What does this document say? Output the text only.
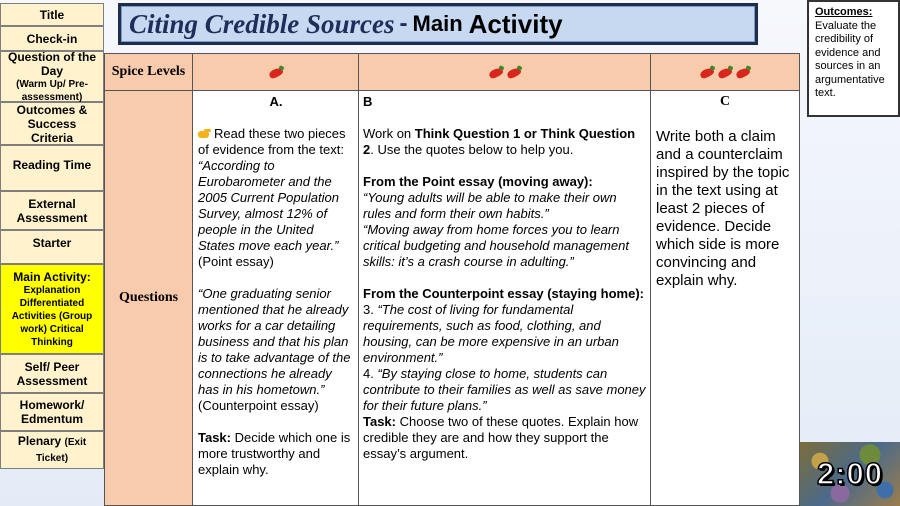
Title
Check-in
Question of the Day
(Warm Up/ Pre-assessment)
Outcomes & Success Criteria
Reading Time
External Assessment
Starter
Main Activity:
Explanation Differentiated Activities (Group work) Critical Thinking
Self/ Peer Assessment
Homework/ Edmentum
Plenary (Exit Ticket)
Citing Credible Sources - Main Activity	Outcomes:
Evaluate the credibility of evidence and sources in an argumentative text.
Spice Levels
Questions

A.

Read these two pieces of evidence from the text:

“According to Eurobarometer and the 2005 Current Population Survey, almost 12% of people in the United States move each year.”

(Point essay)

“One graduating senior mentioned that he already works for a car detailing business and that his plan is to take advantage of the connections he already has in his hometown.”

(Counterpoint essay)

Task: Decide which one is more trustworthy and explain why.

B

Work on Think Question 1 or Think Question 2. Use the quotes below to help you.

From the Point essay (moving away):

“Young adults will be able to make their own rules and form their own habits.”

“Moving away from home forces you to learn critical budgeting and household management skills: it’s a crash course in adulting.”

From the Counterpoint essay (staying home):

3. “The cost of living for fundamental requirements, such as food, clothing, and housing, can be more expensive in an urban environment.”

4. “By staying close to home, students can contribute to their families as well as save money for their future plans.”

Task: Choose two of these quotes. Explain how credible they are and how they support the essay’s argument.

C

Write both a claim and a counterclaim inspired by the topic in the text using at least 2 pieces of evidence. Decide which side is more convincing and explain why.

2:00
